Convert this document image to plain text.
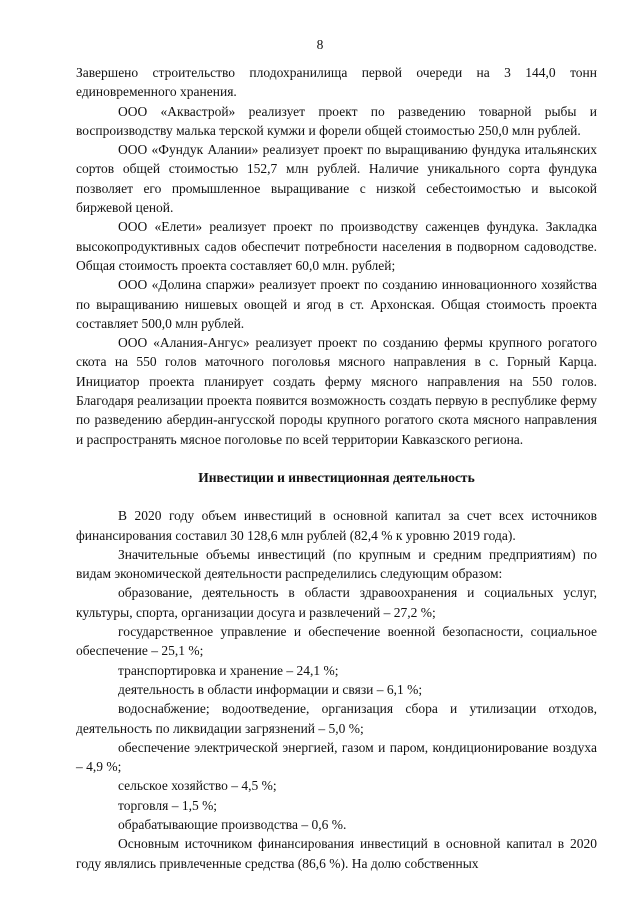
8

Завершено строительство плодохранилища первой очереди на 3 144,0 тонн единовременного хранения.

ООО «Аквастрой» реализует проект по разведению товарной рыбы и воспроизводству малька терской кумжи и форели общей стоимостью 250,0 млн рублей.

ООО «Фундук Алании» реализует проект по выращиванию фундука итальянских сортов общей стоимостью 152,7 млн рублей. Наличие уникального сорта фундука позволяет его промышленное выращивание с низкой себестоимостью и высокой биржевой ценой.

ООО «Елети» реализует проект по производству саженцев фундука. Закладка высокопродуктивных садов обеспечит потребности населения в подворном садоводстве. Общая стоимость проекта составляет 60,0 млн. рублей;

ООО «Долина спаржи» реализует проект по созданию инновационного хозяйства по выращиванию нишевых овощей и ягод в ст. Архонская. Общая стоимость проекта составляет 500,0 млн рублей.

ООО «Алания-Ангус» реализует проект по созданию фермы крупного рогатого скота на 550 голов маточного поголовья мясного направления в с. Горный Карца. Инициатор проекта планирует создать ферму мясного направления на 550 голов. Благодаря реализации проекта появится возможность создать первую в республике ферму по разведению абердин-ангусской породы крупного рогатого скота мясного направления и распространять мясное поголовье по всей территории Кавказского региона.

Инвестиции и инвестиционная деятельность

В 2020 году объем инвестиций в основной капитал за счет всех источников финансирования составил 30 128,6 млн рублей (82,4 % к уровню 2019 года).

Значительные объемы инвестиций (по крупным и средним предприятиям) по видам экономической деятельности распределились следующим образом:

образование, деятельность в области здравоохранения и социальных услуг, культуры, спорта, организации досуга и развлечений – 27,2 %;

государственное управление и обеспечение военной безопасности, социальное обеспечение – 25,1 %;

транспортировка и хранение – 24,1 %;

деятельность в области информации и связи – 6,1 %;

водоснабжение; водоотведение, организация сбора и утилизации отходов, деятельность по ликвидации загрязнений – 5,0 %;

обеспечение электрической энергией, газом и паром, кондиционирование воздуха – 4,9 %;

сельское хозяйство – 4,5 %;

торговля – 1,5 %;

обрабатывающие производства – 0,6 %.

Основным источником финансирования инвестиций в основной капитал в 2020 году являлись привлеченные средства (86,6 %). На долю собственных
